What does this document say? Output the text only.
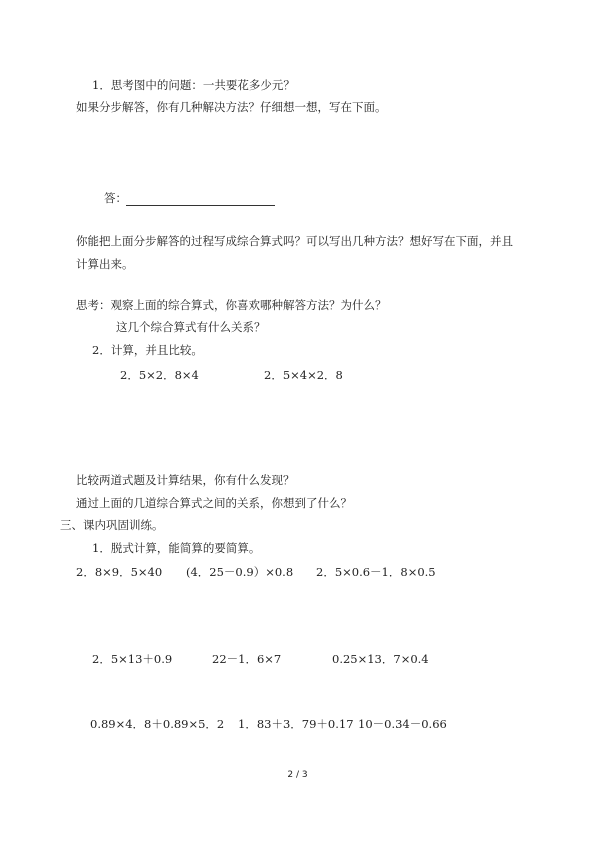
1．思考图中的问题：一共要花多少元？
如果分步解答，你有几种解决方法？仔细想一想，写在下面。
答：
你能把上面分步解答的过程写成综合算式吗？可以写出几种方法？想好写在下面，并且
计算出来。
思考：观察上面的综合算式，你喜欢哪种解答方法？为什么？
这几个综合算式有什么关系？
2．计算，并且比较。
2．5×2．8×4	2．5×4×2．8
比较两道式题及计算结果，你有什么发现？
通过上面的几道综合算式之间的关系，你想到了什么？
三、课内巩固训练。
1．脱式计算，能简算的要简算。
2．8×9．5×40 (4．25－0.9）×0.8 2．5×0.6－1．8×0.5
2．5×13＋0.9	22－1．6×7	0.25×13．7×0.4
0.89×4．8＋0.89×5．2 1．83＋3．79＋0.17 10－0.34－0.66
2 / 3
